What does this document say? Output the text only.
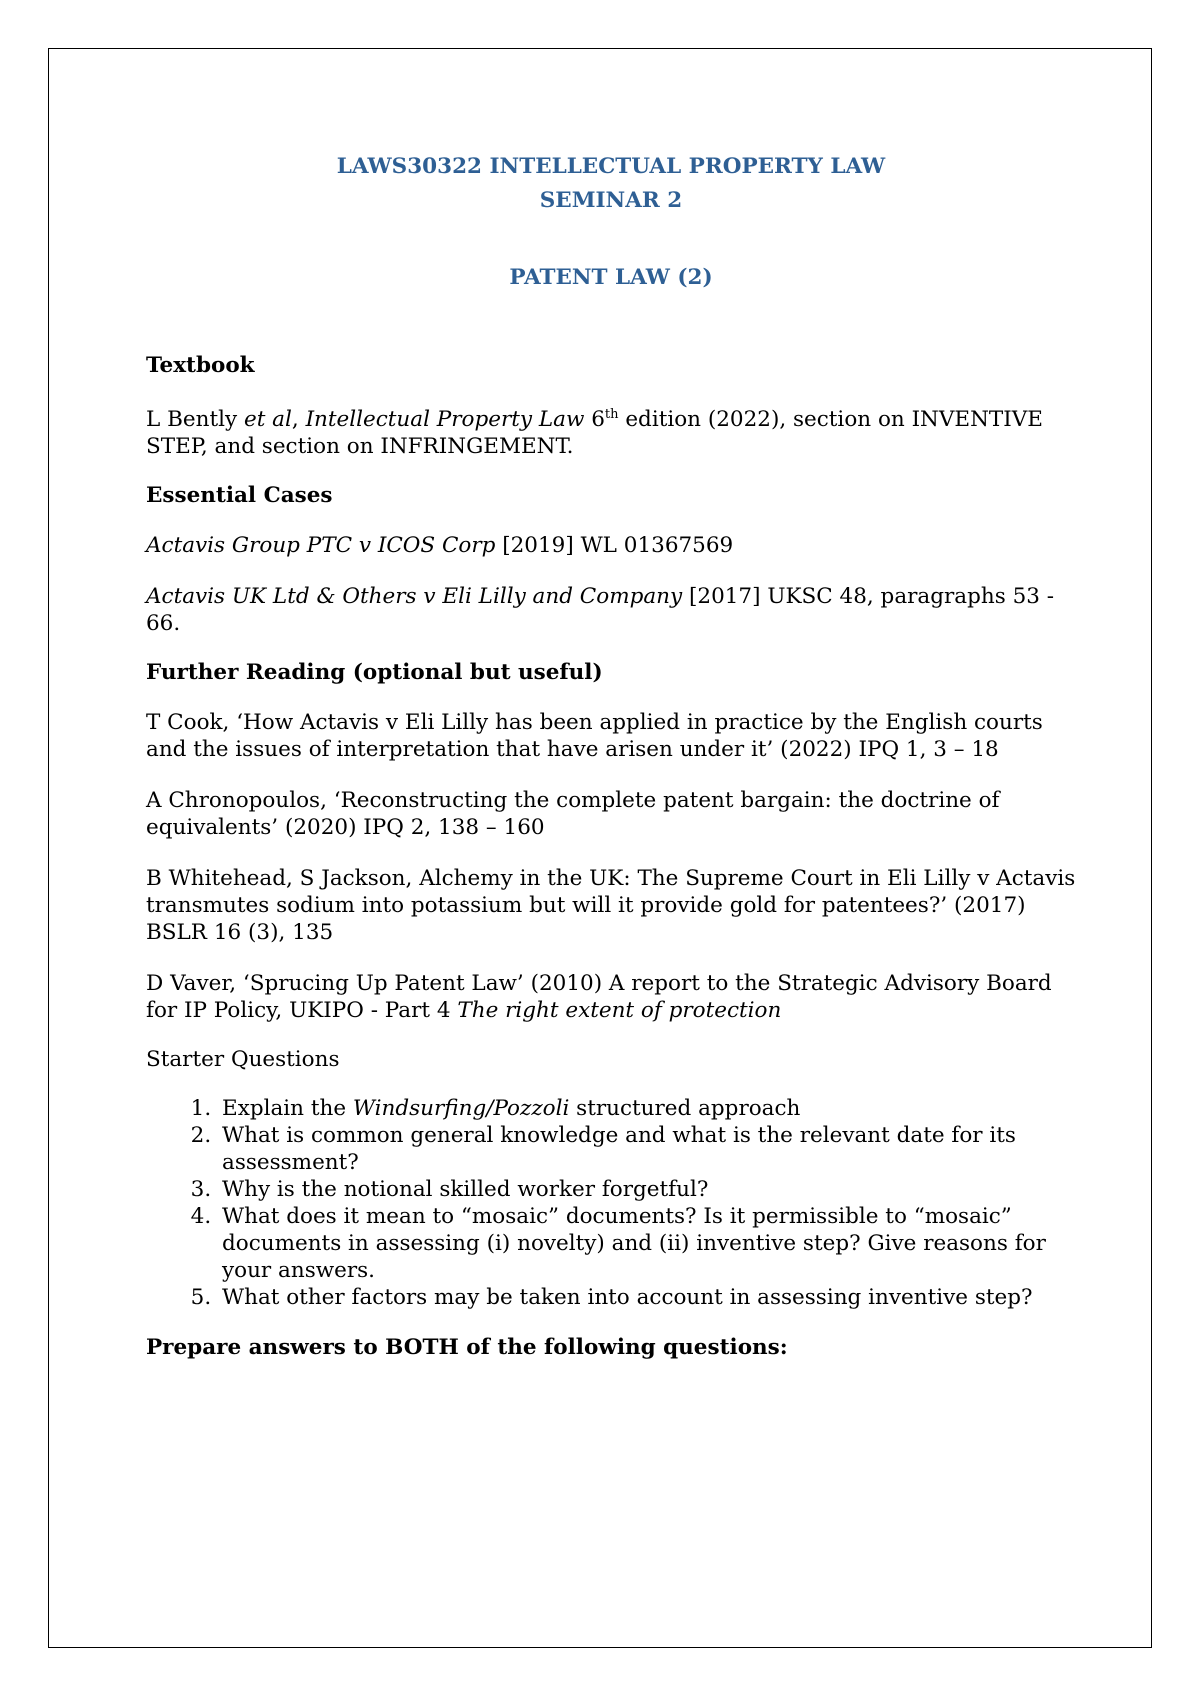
LAWS30322 INTELLECTUAL PROPERTY LAW

SEMINAR 2

PATENT LAW (2)

Textbook

L Bently et al, Intellectual Property Law 6th edition (2022), section on INVENTIVE STEP, and section on INFRINGEMENT.

Essential Cases

Actavis Group PTC v ICOS Corp [2019] WL 01367569

Actavis UK Ltd & Others v Eli Lilly and Company [2017] UKSC 48, paragraphs 53 - 66.

Further Reading (optional but useful)

T Cook, ‘How Actavis v Eli Lilly has been applied in practice by the English courts and the issues of interpretation that have arisen under it’ (2022) IPQ 1, 3 – 18

A Chronopoulos, ‘Reconstructing the complete patent bargain: the doctrine of equivalents’ (2020) IPQ 2, 138 – 160

B Whitehead, S Jackson, Alchemy in the UK: The Supreme Court in Eli Lilly v Actavis transmutes sodium into potassium but will it provide gold for patentees?’ (2017) BSLR 16 (3), 135

D Vaver, ‘Sprucing Up Patent Law’ (2010) A report to the Strategic Advisory Board for IP Policy, UKIPO - Part 4 The right extent of protection

Starter Questions

1. Explain the Windsurfing/Pozzoli structured approach
2. What is common general knowledge and what is the relevant date for its assessment?
3. Why is the notional skilled worker forgetful?
4. What does it mean to “mosaic” documents? Is it permissible to “mosaic” documents in assessing (i) novelty) and (ii) inventive step? Give reasons for your answers.
5. What other factors may be taken into account in assessing inventive step?

Prepare answers to BOTH of the following questions:
